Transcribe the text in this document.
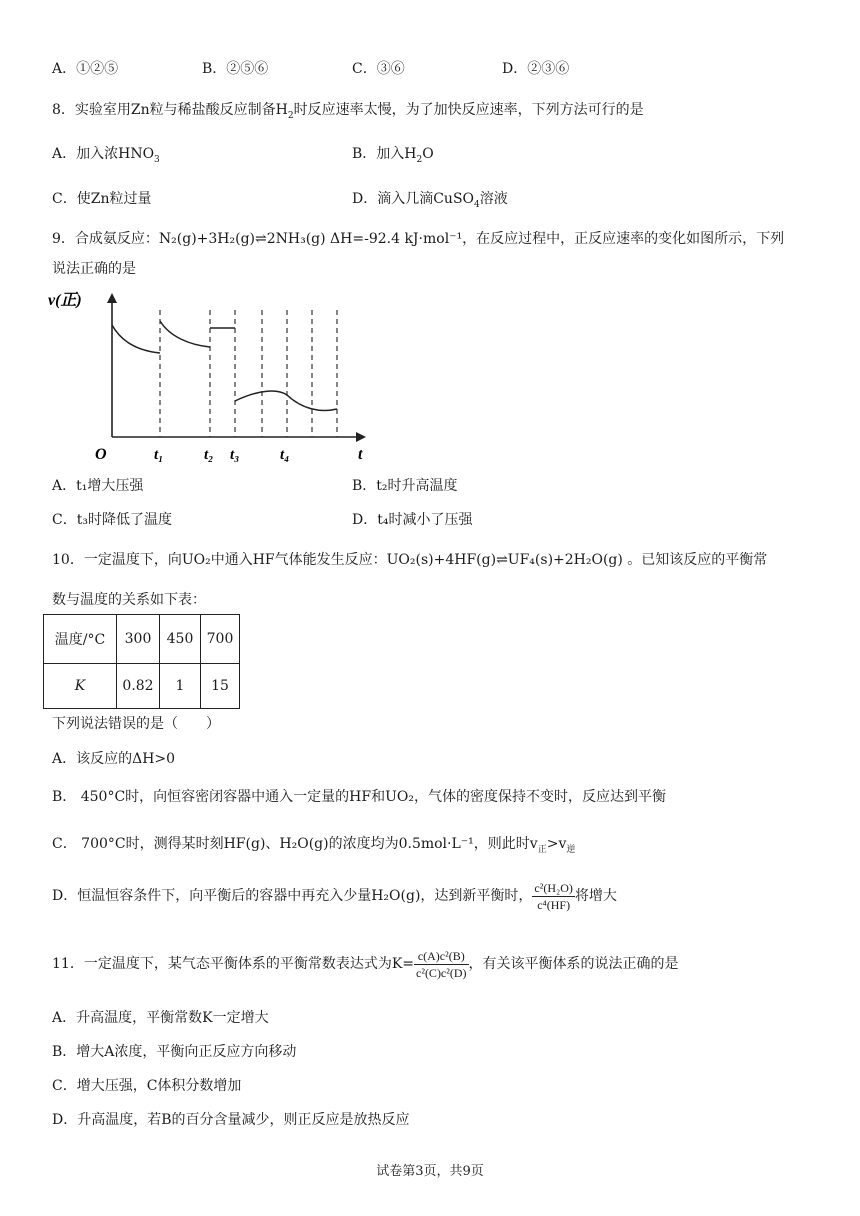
A．①②⑤	B．②⑤⑥	C．③⑥	D．②③⑥
8．实验室用Zn粒与稀盐酸反应制备$H_2$时反应速率太慢，为了加快反应速率，下列方法可行的是
A．加入浓$HNO_3$	B．加入$H_2O$
C．使Zn粒过量	D．滴入几滴CuSO$_4$溶液
9．合成氨反应：N₂(g)+3H₂(g)⇌2NH₃(g) ΔH=-92.4 kJ·mol⁻¹，在反应过程中，正反应速率的变化如图所示，下列
说法正确的是
v(正)
O	t₁	t₂ t₃	t₄	t
A．t₁增大压强	B．t₂时升高温度
C．t₃时降低了温度	D．t₄时减小了压强
10．一定温度下，向UO₂中通入HF气体能发生反应：UO₂(s)+4HF(g)⇌UF₄(s)+2H₂O(g) 。已知该反应的平衡常
数与温度的关系如下表：
温度/°C	300	450	700
K	0.82	1	15
下列说法错误的是（　　）
A．该反应的ΔH>0
B． 450°C时，向恒容密闭容器中通入一定量的HF和UO₂，气体的密度保持不变时，反应达到平衡
C． 700°C时，测得某时刻HF(g)、H₂O(g)的浓度均为0.5mol·L⁻¹，则此时$v_正>v_逆$
D．恒温恒容条件下，向平衡后的容器中再充入少量H₂O(g)，达到新平衡时， $\frac{\text{c²(H₂O)}}{\text{c⁴(HF)}}$ 将增大
11．一定温度下，某气态平衡体系的平衡常数表达式为$K= \frac{\text{c(A)c²(B)}}{\text{c²(C)c²(D)}}$ ，有关该平衡体系的说法正确的是
A．升高温度，平衡常数K一定增大
B．增大A浓度，平衡向正反应方向移动
C．增大压强，C体积分数增加
D．升高温度，若B的百分含量减少，则正反应是放热反应
试卷第3页，共9页
